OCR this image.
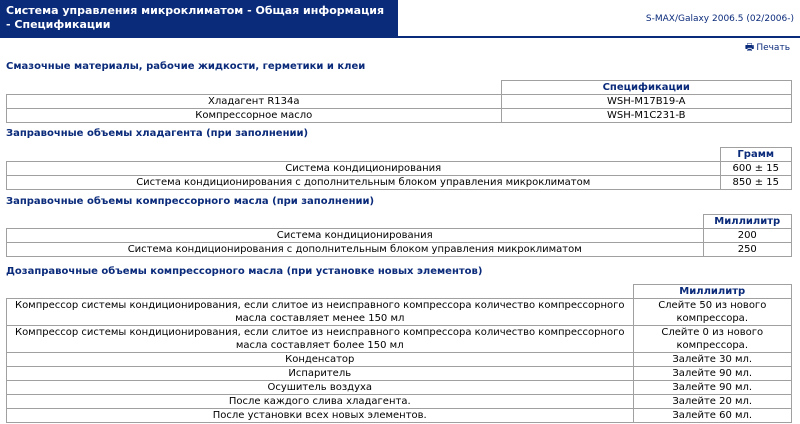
Система управления микроклиматом - Общая информация - Спецификации	S-MAX/Galaxy 2006.5 (02/2006-)
🖶 Печать
Смазочные материалы, рабочие жидкости, герметики и клеи
	Спецификации
Хладагент R134a	WSH-M17B19-A
Компрессорное масло	WSH-M1C231-B
Заправочные объемы хладагента (при заполнении)
	Грамм
Система кондиционирования	600 ± 15
Система кондиционирования с дополнительным блоком управления микроклиматом	850 ± 15
Заправочные объемы компрессорного масла (при заполнении)
	Миллилитр
Система кондиционирования	200
Система кондиционирования с дополнительным блоком управления микроклиматом	250
Дозаправочные объемы компрессорного масла (при установке новых элементов)
	Миллилитр
Компрессор системы кондиционирования, если слитое из неисправного компрессора количество компрессорного масла составляет менее 150 мл	Слейте 50 из нового компрессора.
Компрессор системы кондиционирования, если слитое из неисправного компрессора количество компрессорного масла составляет более 150 мл	Слейте 0 из нового компрессора.
Конденсатор	Залейте 30 мл.
Испаритель	Залейте 90 мл.
Осушитель воздуха	Залейте 90 мл.
После каждого слива хладагента.	Залейте 20 мл.
После установки всех новых элементов.	Залейте 60 мл.
